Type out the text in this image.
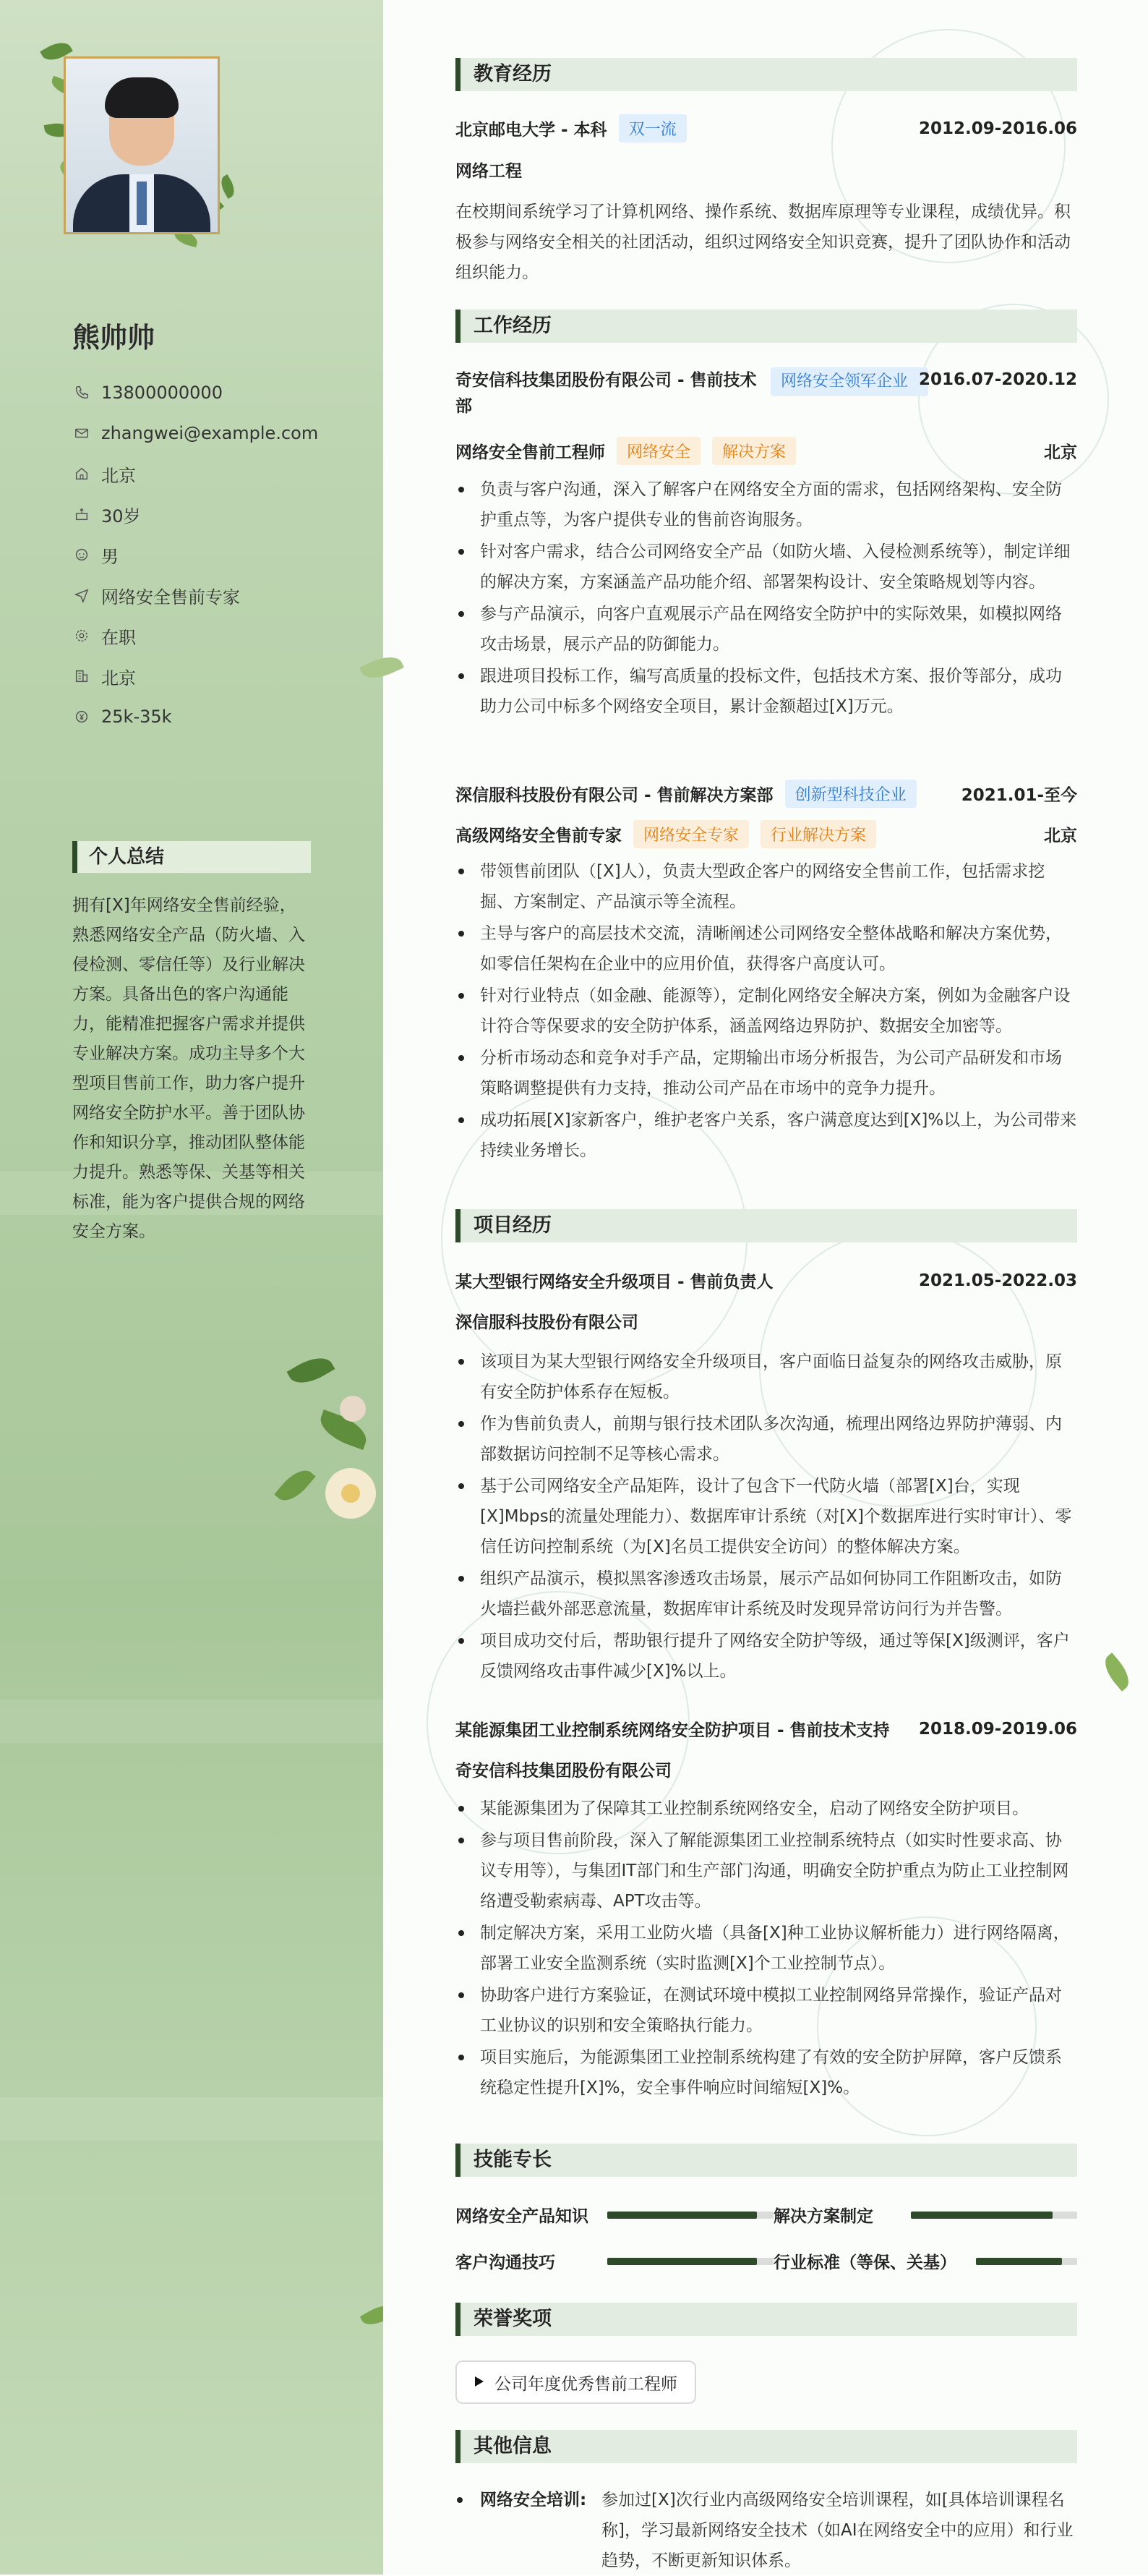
熊帅帅
13800000000
zhangwei@example.com
北京
30岁
男
网络安全售前专家
在职
北京
25k-35k
个人总结
拥有[X]年网络安全售前经验，熟悉网络安全产品（防火墙、入侵检测、零信任等）及行业解决方案。具备出色的客户沟通能力，能精准把握客户需求并提供专业解决方案。成功主导多个大型项目售前工作，助力客户提升网络安全防护水平。善于团队协作和知识分享，推动团队整体能力提升。熟悉等保、关基等相关标准，能为客户提供合规的网络安全方案。
教育经历
北京邮电大学 - 本科	双一流	2012.09-2016.06
网络工程
在校期间系统学习了计算机网络、操作系统、数据库原理等专业课程，成绩优异。积极参与网络安全相关的社团活动，组织过网络安全知识竞赛，提升了团队协作和活动组织能力。
工作经历
奇安信科技集团股份有限公司 - 售前技术部
网络安全领军企业 2016.07-2020.12
网络安全售前工程师	网络安全	解决方案	北京
负责与客户沟通，深入了解客户在网络安全方面的需求，包括网络架构、安全防护重点等，为客户提供专业的售前咨询服务。
针对客户需求，结合公司网络安全产品（如防火墙、入侵检测系统等），制定详细的解决方案，方案涵盖产品功能介绍、部署架构设计、安全策略规划等内容。
参与产品演示，向客户直观展示产品在网络安全防护中的实际效果，如模拟网络攻击场景，展示产品的防御能力。
跟进项目投标工作，编写高质量的投标文件，包括技术方案、报价等部分，成功助力公司中标多个网络安全项目，累计金额超过[X]万元。
深信服科技股份有限公司 - 售前解决方案部	创新型科技企业	2021.01-至今
高级网络安全售前专家	网络安全专家	行业解决方案	北京
带领售前团队（[X]人），负责大型政企客户的网络安全售前工作，包括需求挖掘、方案制定、产品演示等全流程。
主导与客户的高层技术交流，清晰阐述公司网络安全整体战略和解决方案优势，如零信任架构在企业中的应用价值，获得客户高度认可。
针对行业特点（如金融、能源等），定制化网络安全解决方案，例如为金融客户设计符合等保要求的安全防护体系，涵盖网络边界防护、数据安全加密等。
分析市场动态和竞争对手产品，定期输出市场分析报告，为公司产品研发和市场策略调整提供有力支持，推动公司产品在市场中的竞争力提升。
成功拓展[X]家新客户，维护老客户关系，客户满意度达到[X]%以上，为公司带来持续业务增长。
项目经历
某大型银行网络安全升级项目 - 售前负责人	2021.05-2022.03
深信服科技股份有限公司
该项目为某大型银行网络安全升级项目，客户面临日益复杂的网络攻击威胁，原有安全防护体系存在短板。
作为售前负责人，前期与银行技术团队多次沟通，梳理出网络边界防护薄弱、内部数据访问控制不足等核心需求。
基于公司网络安全产品矩阵，设计了包含下一代防火墙（部署[X]台，实现[X]Mbps的流量处理能力）、数据库审计系统（对[X]个数据库进行实时审计）、零信任访问控制系统（为[X]名员工提供安全访问）的整体解决方案。
组织产品演示，模拟黑客渗透攻击场景，展示产品如何协同工作阻断攻击，如防火墙拦截外部恶意流量，数据库审计系统及时发现异常访问行为并告警。
项目成功交付后，帮助银行提升了网络安全防护等级，通过等保[X]级测评，客户反馈网络攻击事件减少[X]%以上。
某能源集团工业控制系统网络安全防护项目 - 售前技术支持 2018.09-2019.06
奇安信科技集团股份有限公司
某能源集团为了保障其工业控制系统网络安全，启动了网络安全防护项目。
参与项目售前阶段，深入了解能源集团工业控制系统特点（如实时性要求高、协议专用等），与集团IT部门和生产部门沟通，明确安全防护重点为防止工业控制网络遭受勒索病毒、APT攻击等。
制定解决方案，采用工业防火墙（具备[X]种工业协议解析能力）进行网络隔离，部署工业安全监测系统（实时监测[X]个工业控制节点）。
协助客户进行方案验证，在测试环境中模拟工业控制网络异常操作，验证产品对工业协议的识别和安全策略执行能力。
项目实施后，为能源集团工业控制系统构建了有效的安全防护屏障，客户反馈系统稳定性提升[X]%，安全事件响应时间缩短[X]%。
技能专长
网络安全产品知识	解决方案制定
客户沟通技巧	行业标准（等保、关基）
荣誉奖项
公司年度优秀售前工程师
其他信息
网络安全培训: 参加过[X]次行业内高级网络安全培训课程，如[具体培训课程名称]，学习最新网络安全技术（如AI在网络安全中的应用）和行业趋势，不断更新知识体系。
